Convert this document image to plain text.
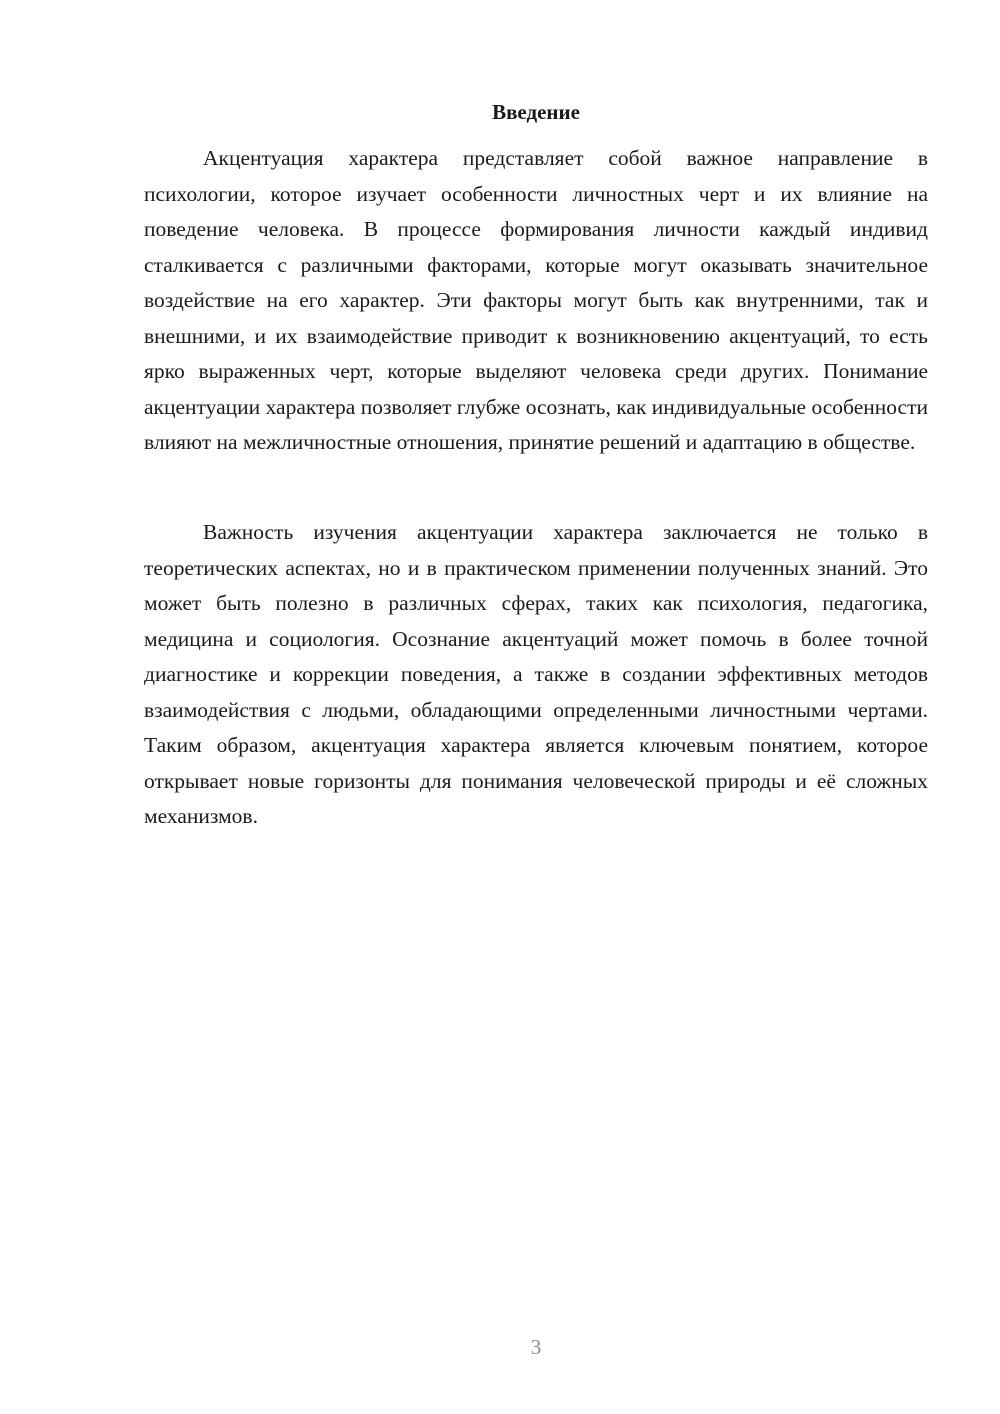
Введение

Акцентуация характера представляет собой важное направление в психологии, которое изучает особенности личностных черт и их влияние на поведение человека. В процессе формирования личности каждый индивид сталкивается с различными факторами, которые могут оказывать значительное воздействие на его характер. Эти факторы могут быть как внутренними, так и внешними, и их взаимодействие приводит к возникновению акцентуаций, то есть ярко выраженных черт, которые выделяют человека среди других. Понимание акцентуации характера позволяет глубже осознать, как индивидуальные особенности влияют на межличностные отношения, принятие решений и адаптацию в обществе.

Важность изучения акцентуации характера заключается не только в теоретических аспектах, но и в практическом применении полученных знаний. Это может быть полезно в различных сферах, таких как психология, педагогика, медицина и социология. Осознание акцентуаций может помочь в более точной диагностике и коррекции поведения, а также в создании эффективных методов взаимодействия с людьми, обладающими определенными личностными чертами. Таким образом, акцентуация характера является ключевым понятием, которое открывает новые горизонты для понимания человеческой природы и её сложных механизмов.

3
